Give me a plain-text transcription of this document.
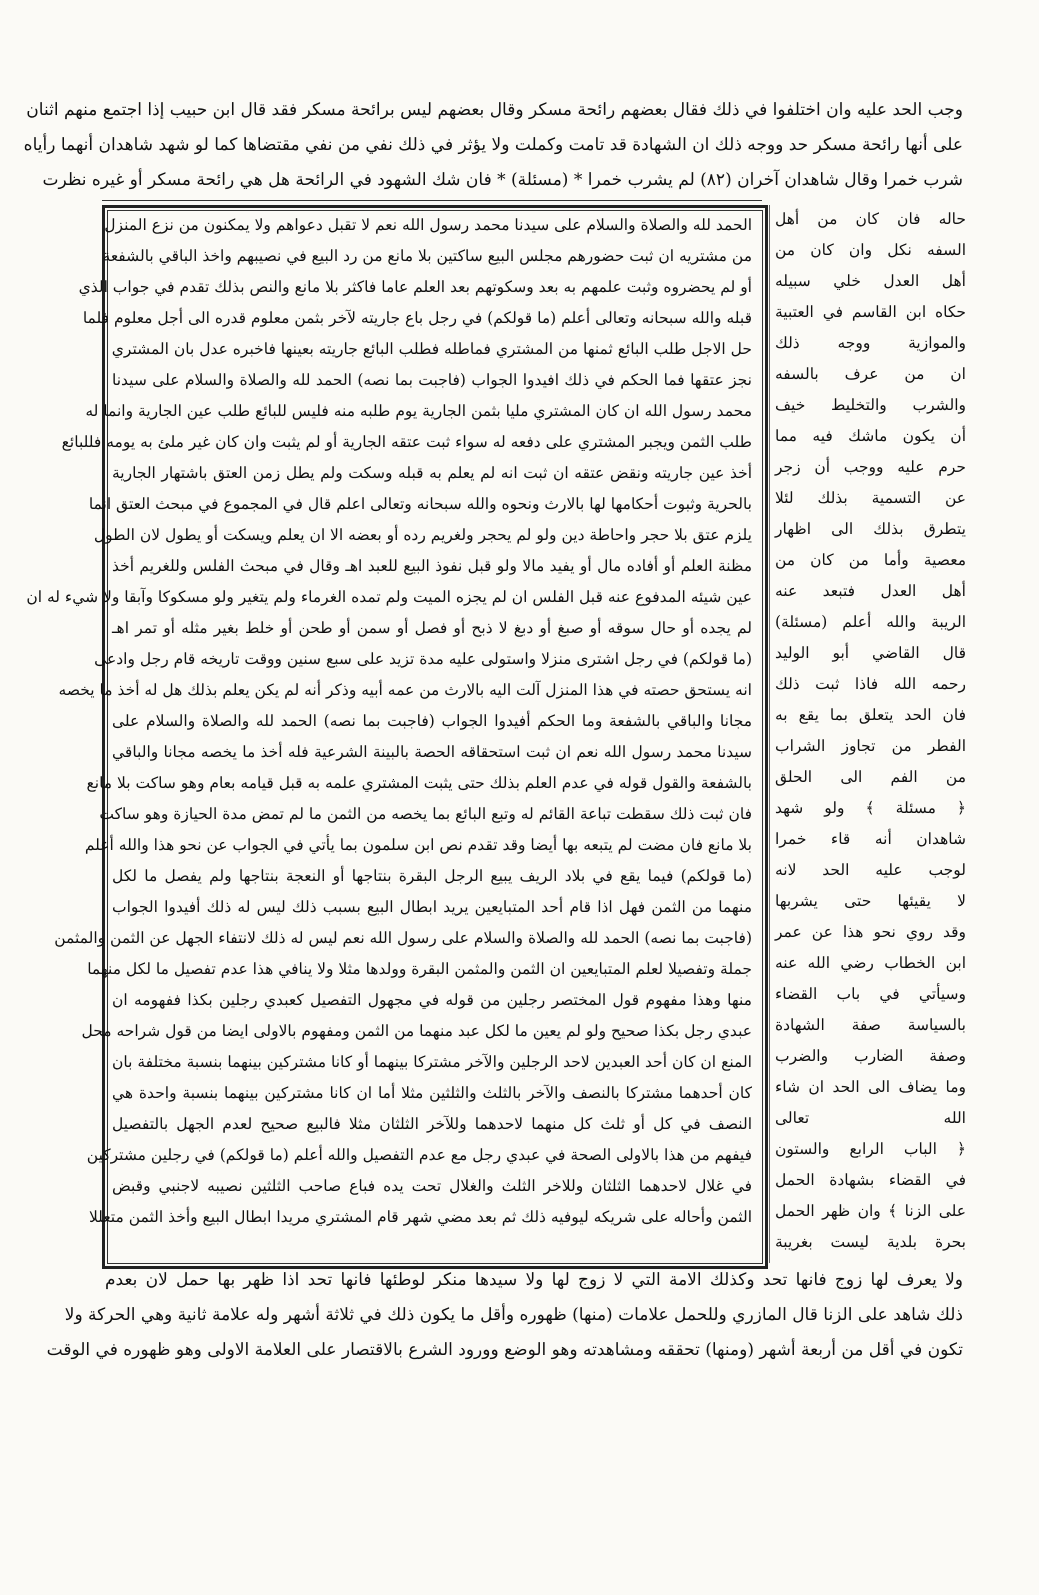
وجب الحد عليه وان اختلفوا في ذلك فقال بعضهم رائحة مسكر وقال بعضهم ليس برائحة مسكر فقد قال ابن حبيب إذا اجتمع منهم اثنان
على أنها رائحة مسكر حد ووجه ذلك ان الشهادة قد تامت وكملت ولا يؤثر في ذلك نفي من نفي مقتضاها كما لو شهد شاهدان أنهما رأياه
شرب خمرا وقال شاهدان آخران (٨٢) لم يشرب خمرا * (مسئلة) * فان شك الشهود في الرائحة هل هي رائحة مسكر أو غيره نظرت
حاله فان كان من أهل
السفه نكل وان كان من
أهل العدل خلي سبيله
حكاه ابن القاسم في العتبية
والموازية ووجه ذلك
ان من عرف بالسفه
والشرب والتخليط خيف
أن يكون ماشك فيه مما
حرم عليه ووجب أن زجر
عن التسمية بذلك لئلا
يتطرق بذلك الى اظهار
معصية وأما من كان من
أهل العدل فتبعد عنه
الريبة والله أعلم (مسئلة)
قال القاضي أبو الوليد
رحمه الله فاذا ثبت ذلك
فان الحد يتعلق بما يقع به
الفطر من تجاوز الشراب
من الفم الى الحلق
﴿ مسئلة ﴾ ولو شهد
شاهدان أنه قاء خمرا
لوجب عليه الحد لانه
لا يقيئها حتى يشربها
وقد روي نحو هذا عن عمر
ابن الخطاب رضي الله عنه
وسيأتي في باب القضاء
بالسياسة صفة الشهادة
وصفة الضارب والضرب
وما يضاف الى الحد ان شاء
الله تعالى
﴿ الباب الرابع والستون
في القضاء بشهادة الحمل
على الزنا ﴾ وان ظهر الحمل
بحرة بلدية ليست بغريبة
الحمد لله والصلاة والسلام على سيدنا محمد رسول الله نعم لا تقبل دعواهم ولا يمكنون من نزع المنزل
من مشتريه ان ثبت حضورهم مجلس البيع ساكتين بلا مانع من رد البيع في نصيبهم واخذ الباقي بالشفعة
أو لم يحضروه وثبت علمهم به بعد وسكوتهم بعد العلم عاما فاكثر بلا مانع والنص بذلك تقدم في جواب الذي
قبله والله سبحانه وتعالى أعلم (ما قولكم) في رجل باع جاريته لآخر بثمن معلوم قدره الى أجل معلوم فلما
حل الاجل طلب البائع ثمنها من المشتري فماطله فطلب البائع جاريته بعينها فاخبره عدل بان المشتري
نجز عتقها فما الحكم في ذلك افيدوا الجواب (فاجبت بما نصه) الحمد لله والصلاة والسلام على سيدنا
محمد رسول الله ان كان المشتري مليا بثمن الجارية يوم طلبه منه فليس للبائع طلب عين الجارية وانما له
طلب الثمن ويجبر المشتري على دفعه له سواء ثبت عتقه الجارية أو لم يثبت وان كان غير ملئ به يومه فللبائع
أخذ عين جاريته ونقض عتقه ان ثبت انه لم يعلم به قبله وسكت ولم يطل زمن العتق باشتهار الجارية
بالحرية وثبوت أحكامها لها بالارث ونحوه والله سبحانه وتعالى اعلم قال في المجموع في مبحث العتق انما
يلزم عتق بلا حجر واحاطة دين ولو لم يحجر ولغريم رده أو بعضه الا ان يعلم ويسكت أو يطول لان الطول
مظنة العلم أو أفاده مال أو يفيد مالا ولو قبل نفوذ البيع للعبد اهـ وقال في مبحث الفلس وللغريم أخذ
عين شيئه المدفوع عنه قبل الفلس ان لم يجزه الميت ولم تمده الغرماء ولم يتغير ولو مسكوكا وآبقا ولا شيء له ان
لم يجده أو حال سوقه أو صبغ أو دبغ لا ذبح أو فصل أو سمن أو طحن أو خلط بغير مثله أو تمر اهـ
(ما قولكم) في رجل اشترى منزلا واستولى عليه مدة تزيد على سبع سنين ووقت تاريخه قام رجل وادعى
انه يستحق حصته في هذا المنزل آلت اليه بالارث من عمه أبيه وذكر أنه لم يكن يعلم بذلك هل له أخذ ما يخصه
مجانا والباقي بالشفعة وما الحكم أفيدوا الجواب (فاجبت بما نصه) الحمد لله والصلاة والسلام على
سيدنا محمد رسول الله نعم ان ثبت استحقاقه الحصة بالبينة الشرعية فله أخذ ما يخصه مجانا والباقي
بالشفعة والقول قوله في عدم العلم بذلك حتى يثبت المشتري علمه به قبل قيامه بعام وهو ساكت بلا مانع
فان ثبت ذلك سقطت تباعة القائم له وتبع البائع بما يخصه من الثمن ما لم تمض مدة الحيازة وهو ساكت
بلا مانع فان مضت لم يتبعه بها أيضا وقد تقدم نص ابن سلمون بما يأتي في الجواب عن نحو هذا والله أعلم
(ما قولكم) فيما يقع في بلاد الريف يبيع الرجل البقرة بنتاجها أو النعجة بنتاجها ولم يفصل ما لكل
منهما من الثمن فهل اذا قام أحد المتبايعين يريد ابطال البيع بسبب ذلك ليس له ذلك أفيدوا الجواب
(فاجبت بما نصه) الحمد لله والصلاة والسلام على رسول الله نعم ليس له ذلك لانتفاء الجهل عن الثمن والمثمن
جملة وتفصيلا لعلم المتبايعين ان الثمن والمثمن البقرة وولدها مثلا ولا ينافي هذا عدم تفصيل ما لكل منهما
منها وهذا مفهوم قول المختصر رجلين من قوله في مجهول التفصيل كعبدي رجلين بكذا ففهومه ان
عبدي رجل بكذا صحيح ولو لم يعين ما لكل عبد منهما من الثمن ومفهوم بالاولى ايضا من قول شراحه محل
المنع ان كان أحد العبدين لاحد الرجلين والآخر مشتركا بينهما أو كانا مشتركين بينهما بنسبة مختلفة بان
كان أحدهما مشتركا بالنصف والآخر بالثلث والثلثين مثلا أما ان كانا مشتركين بينهما بنسبة واحدة هي
النصف في كل أو ثلث كل منهما لاحدهما وللآخر الثلثان مثلا فالبيع صحيح لعدم الجهل بالتفصيل
فيفهم من هذا بالاولى الصحة في عبدي رجل مع عدم التفصيل والله أعلم (ما قولكم) في رجلين مشتركين
في غلال لاحدهما الثلثان وللاخر الثلث والغلال تحت يده فباع صاحب الثلثين نصيبه لاجنبي وقبض
الثمن وأحاله على شريكه ليوفيه ذلك ثم بعد مضي شهر قام المشتري مريدا ابطال البيع وأخذ الثمن متعللا
ولا يعرف لها زوج فانها تحد وكذلك الامة التي لا زوج لها ولا سيدها منكر لوطئها فانها تحد اذا ظهر بها حمل لان بعدم
ذلك شاهد على الزنا قال المازري وللحمل علامات (منها) ظهوره وأقل ما يكون ذلك في ثلاثة أشهر وله علامة ثانية وهي الحركة ولا
تكون في أقل من أربعة أشهر (ومنها) تحققه ومشاهدته وهو الوضع وورود الشرع بالاقتصار على العلامة الاولى وهو ظهوره في الوقت
